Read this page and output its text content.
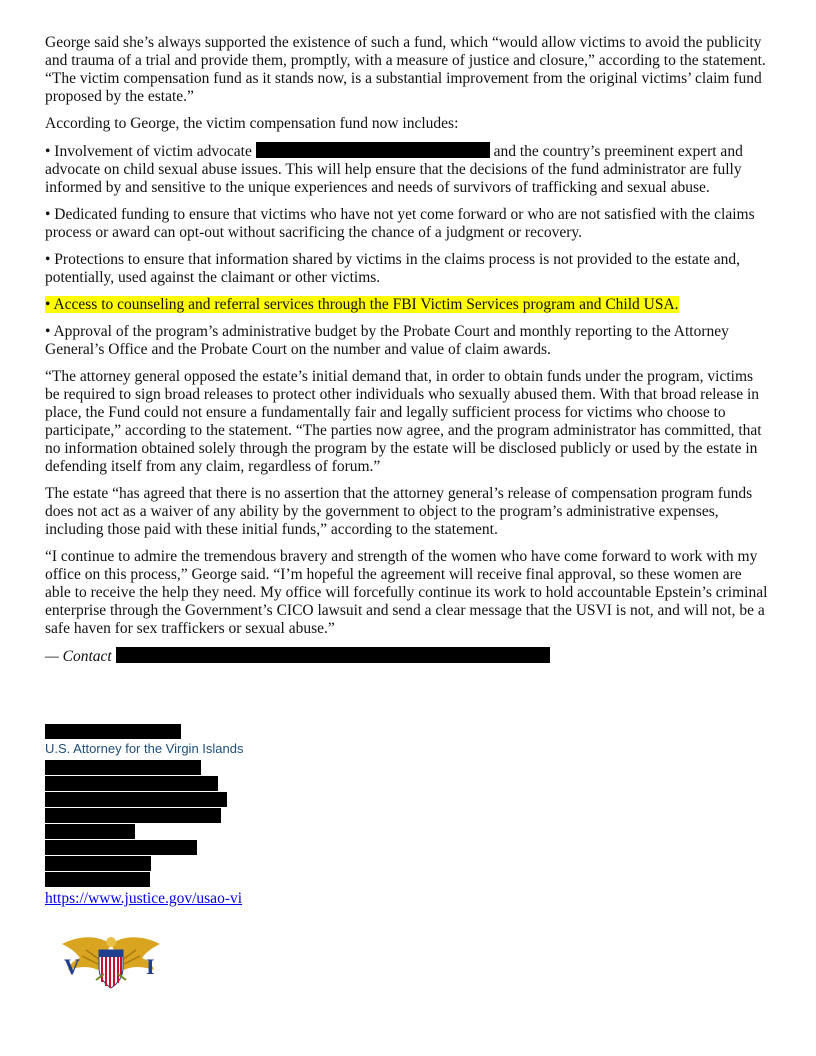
George said she’s always supported the existence of such a fund, which “would allow victims to avoid the publicity and trauma of a trial and provide them, promptly, with a measure of justice and closure,” according to the statement. “The victim compensation fund as it stands now, is a substantial improvement from the original victims’ claim fund proposed by the estate.”

According to George, the victim compensation fund now includes:

• Involvement of victim advocate	and the country’s preeminent expert and advocate on child sexual abuse issues. This will help ensure that the decisions of the fund administrator are fully informed by and sensitive to the unique experiences and needs of survivors of trafficking and sexual abuse.

• Dedicated funding to ensure that victims who have not yet come forward or who are not satisfied with the claims process or award can opt-out without sacrificing the chance of a judgment or recovery.

• Protections to ensure that information shared by victims in the claims process is not provided to the estate and, potentially, used against the claimant or other victims.

• Access to counseling and referral services through the FBI Victim Services program and Child USA.

• Approval of the program’s administrative budget by the Probate Court and monthly reporting to the Attorney General’s Office and the Probate Court on the number and value of claim awards.

“The attorney general opposed the estate’s initial demand that, in order to obtain funds under the program, victims be required to sign broad releases to protect other individuals who sexually abused them. With that broad release in place, the Fund could not ensure a fundamentally fair and legally sufficient process for victims who choose to participate,” according to the statement. “The parties now agree, and the program administrator has committed, that no information obtained solely through the program by the estate will be disclosed publicly or used by the estate in defending itself from any claim, regardless of forum.”

The estate “has agreed that there is no assertion that the attorney general’s release of compensation program funds does not act as a waiver of any ability by the government to object to the program’s administrative expenses, including those paid with these initial funds,” according to the statement.

“I continue to admire the tremendous bravery and strength of the women who have come forward to work with my office on this process,” George said. “I’m hopeful the agreement will receive final approval, so these women are able to receive the help they need. My office will forcefully continue its work to hold accountable Epstein’s criminal enterprise through the Government’s CICO lawsuit and send a clear message that the USVI is not, and will not, be a safe haven for sex traffickers or sexual abuse.”

— Contact

U.S. Attorney for the Virgin Islands
https://www.justice.gov/usao-vi
V	I
